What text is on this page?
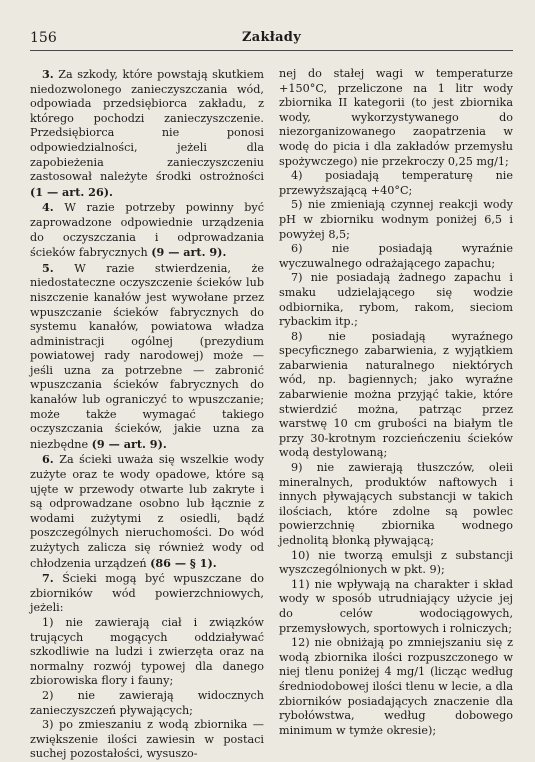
156	Zakłady

3. Za szkody, które powstają skutkiem niedozwolonego zanieczyszczania wód, odpowiada przedsiębiorca zakładu, z którego pochodzi zanieczyszczenie. Przedsiębiorca nie ponosi odpowiedzialności, jeżeli dla zapobieżenia zanieczyszczeniu zastosował należyte środki ostrożności (1 — art. 26).

4. W razie potrzeby powinny być zaprowadzone odpowiednie urządzenia do oczyszczania i odprowadzania ścieków fabrycznych (9 — art. 9).

5. W razie stwierdzenia, że niedostateczne oczyszczenie ścieków lub niszczenie kanałów jest wywołane przez wpuszczanie ścieków fabrycznych do systemu kanałów, powiatowa władza administracji ogólnej (prezydium powiatowej rady narodowej) może — jeśli uzna za potrzebne — zabronić wpuszczania ścieków fabrycznych do kanałów lub ograniczyć to wpuszczanie; może także wymagać takiego oczyszczania ścieków, jakie uzna za niezbędne (9 — art. 9).

6. Za ścieki uważa się wszelkie wody zużyte oraz te wody opadowe, które są ujęte w przewody otwarte lub zakryte i są odprowadzane osobno lub łącznie z wodami zużytymi z osiedli, bądź poszczególnych nieruchomości. Do wód zużytych zalicza się również wody od chłodzenia urządzeń (86 — § 1).

7. Ścieki mogą być wpuszczane do zbiorników wód powierzchniowych, jeżeli:

1) nie zawierają ciał i związków trujących mogących oddziaływać szkodliwie na ludzi i zwierzęta oraz na normalny rozwój typowej dla danego zbiorowiska flory i fauny;

2) nie zawierają widocznych zanieczyszczeń pływających;

3) po zmieszaniu z wodą zbiornika — zwiększenie ilości zawiesin w postaci suchej pozostałości, wysuszo-

nej do stałej wagi w temperaturze +150°C, przeliczone na 1 litr wody zbiornika II kategorii (to jest zbiornika wody, wykorzystywanego do niezorganizowanego zaopatrzenia w wodę do picia i dla zakładów przemysłu spożywczego) nie przekroczy 0,25 mg/1;

4) posiadają temperaturę nie przewyższającą +40°C;

5) nie zmieniają czynnej reakcji wody pH w zbiorniku wodnym poniżej 6,5 i powyżej 8,5;

6) nie posiadają wyraźnie wyczuwalnego odrażającego zapachu;

7) nie posiadają żadnego zapachu i smaku udzielającego się wodzie odbiornika, rybom, rakom, sieciom rybackim itp.;

8) nie posiadają wyraźnego specyficznego zabarwienia, z wyjątkiem zabarwienia naturalnego niektórych wód, np. bagiennych; jako wyraźne zabarwienie można przyjąć takie, które stwierdzić można, patrząc przez warstwę 10 cm grubości na białym tle przy 30-krotnym rozcieńczeniu ścieków wodą destylowaną;

9) nie zawierają tłuszczów, oleii mineralnych, produktów naftowych i innych pływających substancji w takich ilościach, które zdolne są powlec powierzchnię zbiornika wodnego jednolitą błonką pływającą;

10) nie tworzą emulsji z substancji wyszczególnionych w pkt. 9);

11) nie wpływają na charakter i skład wody w sposób utrudniający użycie jej do celów wodociągowych, przemysłowych, sportowych i rolniczych;

12) nie obniżają po zmniejszaniu się z wodą zbiornika ilości rozpuszczonego w niej tlenu poniżej 4 mg/1 (licząc według średniodobowej ilości tlenu w lecie, a dla zbiorników posiadających znaczenie dla rybołówstwa, według dobowego minimum w tymże okresie);
